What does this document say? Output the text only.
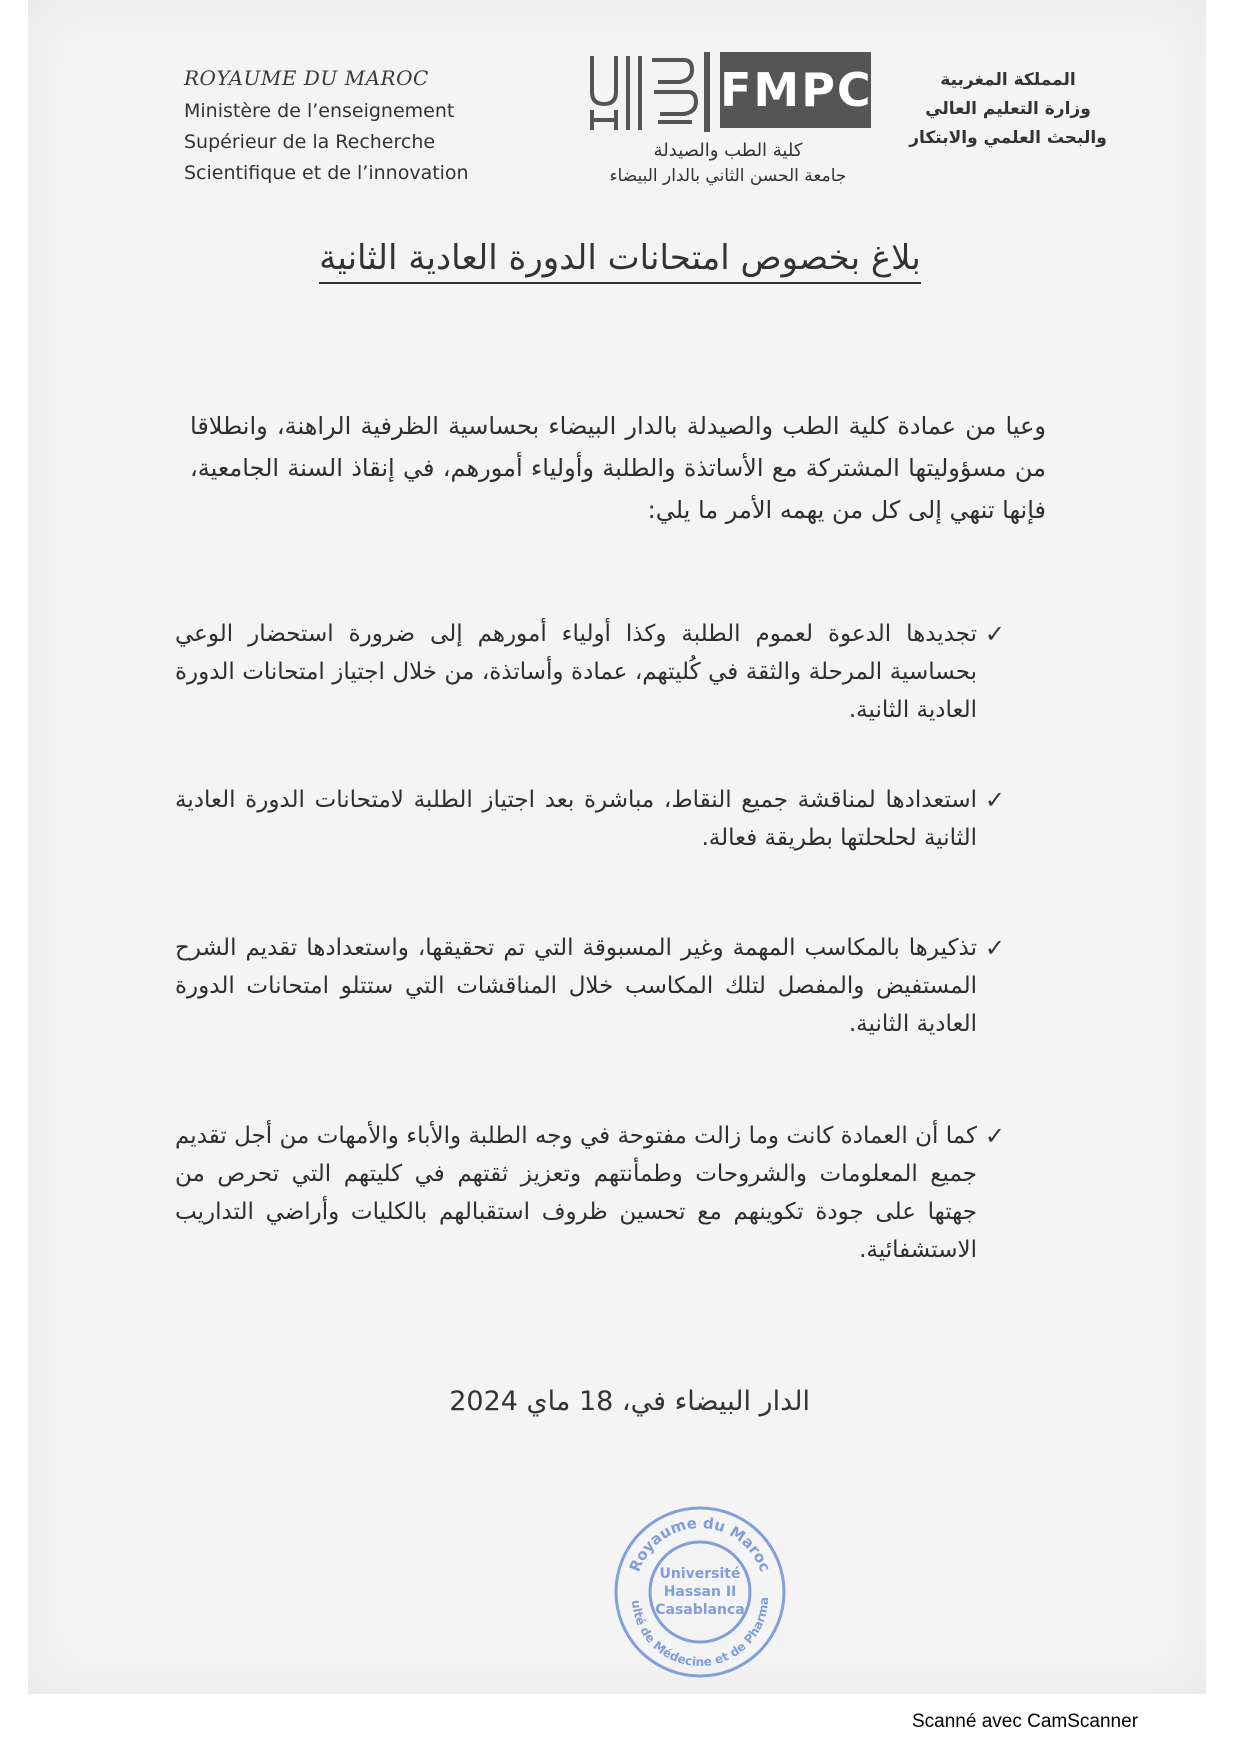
ROYAUME DU MAROC
Ministère de l’enseignement
Supérieur de la Recherche
Scientifique et de l’innovation
FMPC
كلية الطب والصيدلة
جامعة الحسن الثاني بالدار البيضاء
المملكة المغربية
وزارة التعليم العالي
والبحث العلمي والابتكار
بلاغ بخصوص امتحانات الدورة العادية الثانية
وعيا من عمادة كلية الطب والصيدلة بالدار البيضاء بحساسية الظرفية الراهنة، وانطلاقا من مسؤوليتها المشتركة مع الأساتذة والطلبة وأولياء أمورهم، في إنقاذ السنة الجامعية، فإنها تنهي إلى كل من يهمه الأمر ما يلي:
✓
تجديدها الدعوة لعموم الطلبة وكذا أولياء أمورهم إلى ضرورة استحضار الوعي بحساسية المرحلة والثقة في كُليتهم، عمادة وأساتذة، من خلال اجتياز امتحانات الدورة العادية الثانية.
✓
استعدادها لمناقشة جميع النقاط، مباشرة بعد اجتياز الطلبة لامتحانات الدورة العادية الثانية لحلحلتها بطريقة فعالة.
✓
تذكيرها بالمكاسب المهمة وغير المسبوقة التي تم تحقيقها، واستعدادها تقديم الشرح المستفيض والمفصل لتلك المكاسب خلال المناقشات التي ستتلو امتحانات الدورة العادية الثانية.
✓
كما أن العمادة كانت وما زالت مفتوحة في وجه الطلبة والأباء والأمهات من أجل تقديم جميع المعلومات والشروحات وطمأنتهم وتعزيز ثقتهم في كليتهم التي تحرص من جهتها على جودة تكوينهم مع تحسين ظروف استقبالهم بالكليات وأراضي التداريب الاستشفائية.
الدار البيضاء في، 18 ماي 2024
Royaume du Maroc
ulté de Médecine et de Pharma
Université
Hassan II
Casablanca
Scanné avec CamScanner
